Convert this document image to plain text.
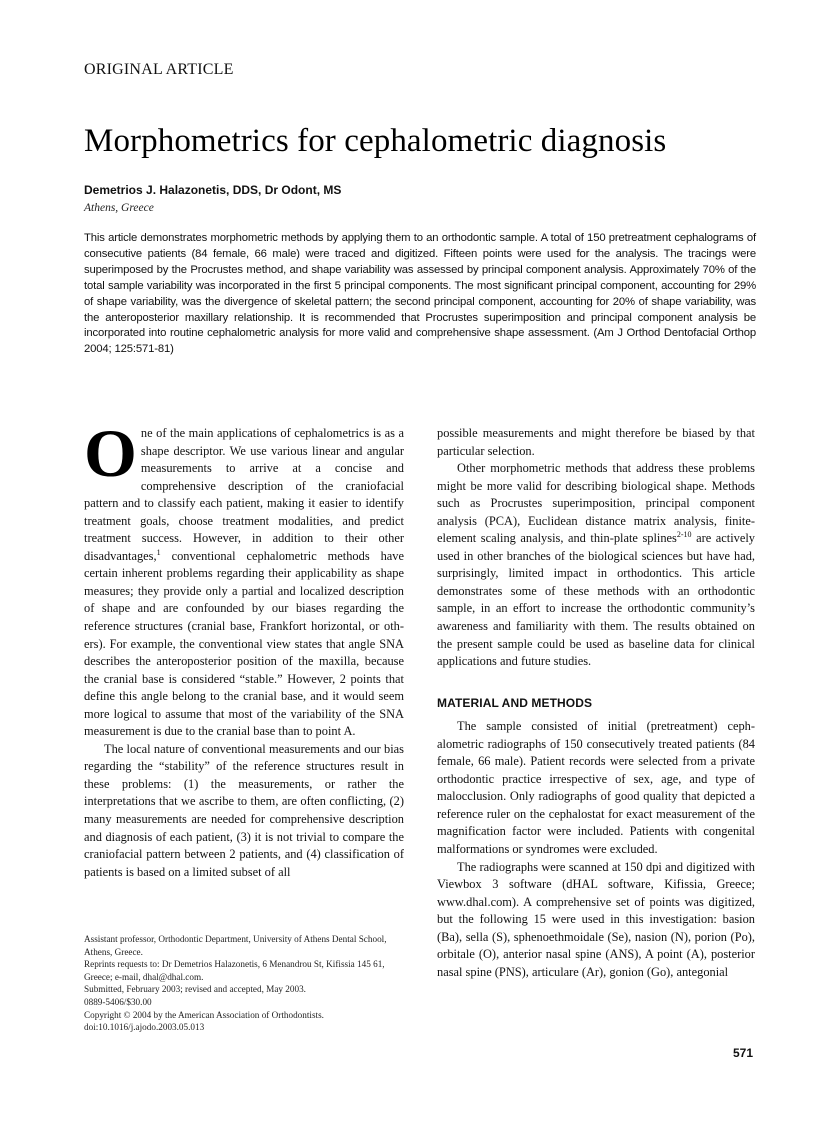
ORIGINAL ARTICLE
Morphometrics for cephalometric diagnosis
Demetrios J. Halazonetis, DDS, Dr Odont, MS
Athens, Greece
This article demonstrates morphometric methods by applying them to an orthodontic sample. A total of 150 pretreatment cephalograms of consecutive patients (84 female, 66 male) were traced and digitized. Fifteen points were used for the analysis. The tracings were superimposed by the Procrustes method, and shape variability was assessed by principal component analysis. Approximately 70% of the total sample variability was incorporated in the first 5 principal components. The most significant principal component, accounting for 29% of shape variability, was the divergence of skeletal pattern; the second principal component, accounting for 20% of shape variability, was the anteroposterior maxillary relationship. It is recommended that Procrustes superimposition and principal component analysis be incorporated into routine cephalometric analysis for more valid and comprehensive shape assessment. (Am J Orthod Dentofacial Orthop 2004; 125:571-81)

One of the main applications of cephalometrics is as a shape descriptor. We use various linear and angular measurements to arrive at a concise and comprehensive description of the craniofacial pattern and to classify each patient, making it easier to identify treatment goals, choose treatment modalities, and predict treatment success. However, in addition to their other disadvantages,$^1$ conventional cephalometric methods have certain inherent problems regarding their applicability as shape measures; they provide only a partial and localized description of shape and are confounded by our biases regarding the reference structures (cranial base, Frankfort horizontal, or others). For example, the conventional view states that angle SNA describes the anteroposterior position of the maxilla, because the cranial base is considered “stable.” However, 2 points that define this angle belong to the cranial base, and it would seem more logical to assume that most of the variability of the SNA measurement is due to the cranial base than to point A.

The local nature of conventional measurements and our bias regarding the “stability” of the reference structures result in these problems: (1) the measurements, or rather the interpretations that we ascribe to them, are often conflicting, (2) many measurements are needed for comprehensive description and diagnosis of each patient, (3) it is not trivial to compare the craniofacial pattern between 2 patients, and (4) classification of patients is based on a limited subset of all

Assistant professor, Orthodontic Department, University of Athens Dental School, Athens, Greece.
Reprints requests to: Dr Demetrios Halazonetis, 6 Menandrou St, Kifissia 145 61, Greece; e-mail, dhal@dhal.com.
Submitted, February 2003; revised and accepted, May 2003.
0889-5406/$30.00
Copyright © 2004 by the American Association of Orthodontists.
doi:10.1016/j.ajodo.2003.05.013

possible measurements and might therefore be biased by that particular selection.

Other morphometric methods that address these problems might be more valid for describing biological shape. Methods such as Procrustes superimposition, principal component analysis (PCA), Euclidean distance matrix analysis, finite-element scaling analysis, and thin-plate splines$^{2-10}$ are actively used in other branches of the biological sciences but have had, surprisingly, limited impact in orthodontics. This article demonstrates some of these methods with an orthodontic sample, in an effort to increase the orthodontic community’s awareness and familiarity with them. The results obtained on the present sample could be used as baseline data for clinical applications and future studies.

MATERIAL AND METHODS

The sample consisted of initial (pretreatment) cephalometric radiographs of 150 consecutively treated patients (84 female, 66 male). Patient records were selected from a private orthodontic practice irrespective of sex, age, and type of malocclusion. Only radiographs of good quality that depicted a reference ruler on the cephalostat for exact measurement of the magnification factor were included. Patients with congenital malformations or syndromes were excluded.

The radiographs were scanned at 150 dpi and digitized with Viewbox 3 software (dHAL software, Kifissia, Greece; www.dhal.com). A comprehensive set of points was digitized, but the following 15 were used in this investigation: basion (Ba), sella (S), sphenoethmoidale (Se), nasion (N), porion (Po), orbitale (O), anterior nasal spine (ANS), A point (A), posterior nasal spine (PNS), articulare (Ar), gonion (Go), antegonial

571
